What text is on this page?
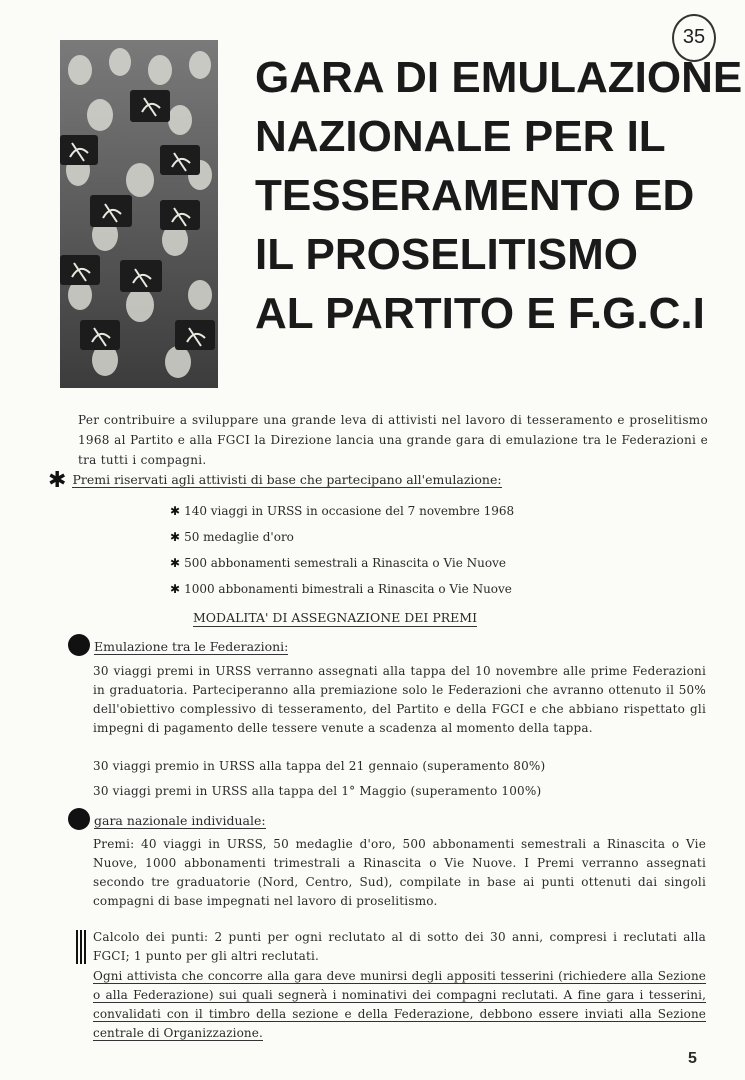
35
GARA DI EMULAZIONE
NAZIONALE PER IL
TESSERAMENTO ED
IL PROSELITISMO
AL PARTITO E F.G.C.I
Per contribuire a sviluppare una grande leva di attivisti nel lavoro di tesseramento e proselitismo 1968 al Partito e alla FGCI la Direzione lancia una grande gara di emulazione tra le Federazioni e tra tutti i compagni.
✱ Premi riservati agli attivisti di base che partecipano all'emulazione:
✱ 140 viaggi in URSS in occasione del 7 novembre 1968
✱ 50 medaglie d'oro
✱ 500 abbonamenti semestrali a Rinascita o Vie Nuove
✱ 1000 abbonamenti bimestrali a Rinascita o Vie Nuove
MODALITA' DI ASSEGNAZIONE DEI PREMI
Emulazione tra le Federazioni:
30 viaggi premi in URSS verranno assegnati alla tappa del 10 novembre alle prime Federazioni in graduatoria. Parteciperanno alla premiazione solo le Federazioni che avranno ottenuto il 50% dell'obiettivo complessivo di tesseramento, del Partito e della FGCI e che abbiano rispettato gli impegni di pagamento delle tessere venute a scadenza al momento della tappa.
30 viaggi premio in URSS alla tappa del 21 gennaio (superamento 80%)
30 viaggi premi in URSS alla tappa del 1° Maggio (superamento 100%)
gara nazionale individuale:
Premi: 40 viaggi in URSS, 50 medaglie d'oro, 500 abbonamenti semestrali a Rinascita o Vie Nuove, 1000 abbonamenti trimestrali a Rinascita o Vie Nuove. I Premi verranno assegnati secondo tre graduatorie (Nord, Centro, Sud), compilate in base ai punti ottenuti dai singoli compagni di base impegnati nel lavoro di proselitismo.
Calcolo dei punti: 2 punti per ogni reclutato al di sotto dei 30 anni, compresi i reclutati alla FGCI; 1 punto per gli altri reclutati.
Ogni attivista che concorre alla gara deve munirsi degli appositi tesserini (richiedere alla Sezione o alla Federazione) sui quali segnerà i nominativi dei compagni reclutati. A fine gara i tesserini, convalidati con il timbro della sezione e della Federazione, debbono essere inviati alla Sezione centrale di Organizzazione.
5
